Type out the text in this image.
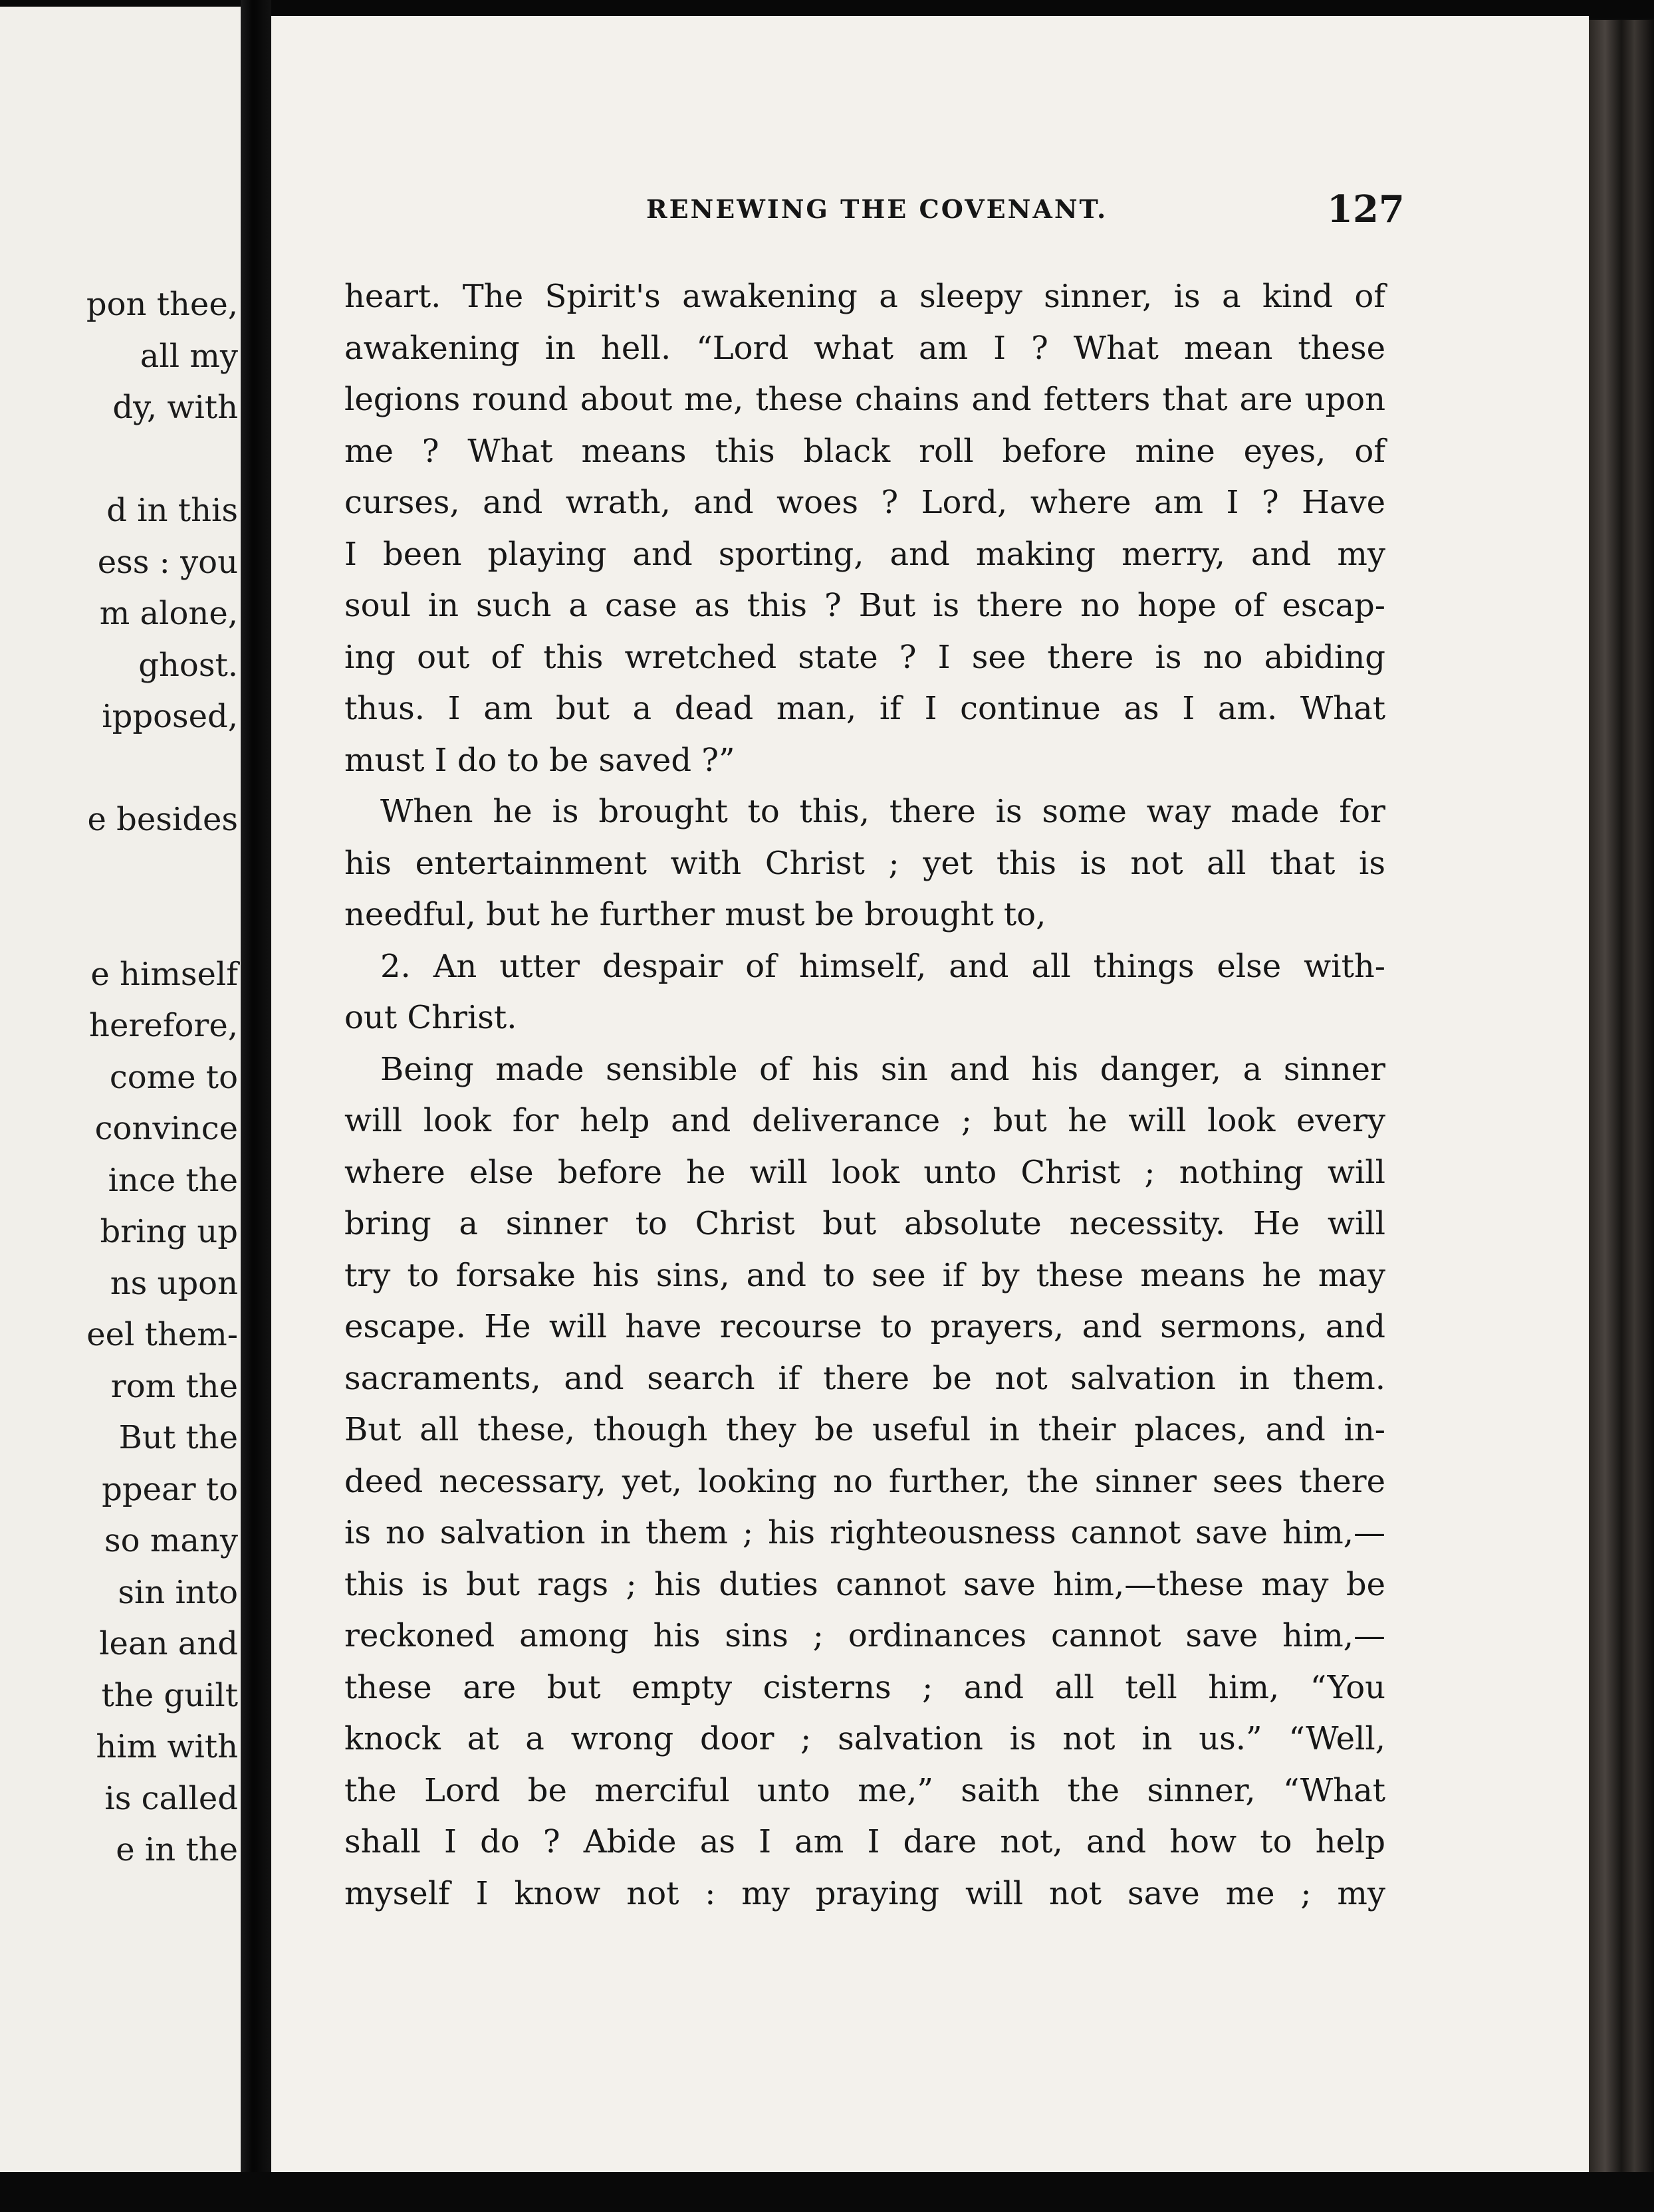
pon thee,
all my
dy, with
d in this
ess : you
m alone,
ghost.
ipposed,
e besides
e himself
herefore,
come to
convince
ince the
bring up
ns upon
eel them-
rom the
But the
ppear to
so many
sin into
lean and
the guilt
him with
is called
e in the
RENEWING THE COVENANT.	127
heart. The Spirit's awakening a sleepy sinner, is a kind of
awakening in hell. “Lord what am I ? What mean these
legions round about me, these chains and fetters that are upon
me ? What means this black roll before mine eyes, of
curses, and wrath, and woes ? Lord, where am I ? Have
I been playing and sporting, and making merry, and my
soul in such a case as this ? But is there no hope of escap-
ing out of this wretched state ? I see there is no abiding
thus. I am but a dead man, if I continue as I am. What
must I do to be saved ?”
When he is brought to this, there is some way made for
his entertainment with Christ ; yet this is not all that is
needful, but he further must be brought to,
2. An utter despair of himself, and all things else with-
out Christ.
Being made sensible of his sin and his danger, a sinner
will look for help and deliverance ; but he will look every
where else before he will look unto Christ ; nothing will
bring a sinner to Christ but absolute necessity. He will
try to forsake his sins, and to see if by these means he may
escape. He will have recourse to prayers, and sermons, and
sacraments, and search if there be not salvation in them.
But all these, though they be useful in their places, and in-
deed necessary, yet, looking no further, the sinner sees there
is no salvation in them ; his righteousness cannot save him,—
this is but rags ; his duties cannot save him,—these may be
reckoned among his sins ; ordinances cannot save him,—
these are but empty cisterns ; and all tell him, “You
knock at a wrong door ; salvation is not in us.” “Well,
the Lord be merciful unto me,” saith the sinner, “What
shall I do ? Abide as I am I dare not, and how to help
myself I know not : my praying will not save me ; my
